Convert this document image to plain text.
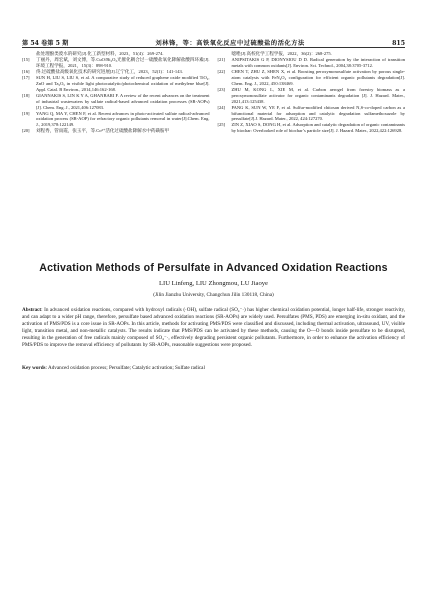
第 54 卷第 5 期	刘林锋，等：高铁氧化反应中过硫酸盐的活化方法	815
盐处理酚类废水的研究[J].化工新型材料，2023，51(4)：269-274.
[15]	丁丽丹，周宏斌，刘文博，等.CuO/Bi₂O₃光催化耦合过一硫酸盐氧化降解盐酸四环素[J].环境工程学报，2021，15(3)：898-910.
[16]	佟.过硫酸盐高级氧化技术的研究进展[J].辽宁化工，2023，52(1)：141-143.
[17]	SUN H, LIU S, LIU S, et al. A comparative study of reduced graphene oxide modified TiO₂, ZnO and Ta₂O₅ in visible light photocatalytic/photochemical oxidation of methylene blue[J]. Appl. Catal. B Environ., 2014,146:162-168.
[18]	GIANNAKIS S, LIN K Y A, GHANBARI F. A review of the recent advances on the treatment of industrial wastewaters by sulfate radical-based advanced oxidation processes (SR-AOPs) [J]. Chem. Eng. J., 2021,406:127083.
[19]	YANG Q, MA Y, CHEN F, et al. Recent advances in photo-activated sulfate radical-advanced oxidation process (SR-AOP) for refractory organic pollutants removal in water[J].Chem. Eng. J., 2019,378:122149.
[20]	刘程秀，管雨霞，张玉平，等.Co²⁺活化过硫酸盐降解水中药磺胺甲
噁唑[J].高校化学工程学报，2022，36(2)：268-275.
[21]	ANIPSITAKIS G P, DIONYSIOU D D. Radical generation by the interaction of transition metals with common oxidants[J]. Environ. Sci. Technol., 2004,38:3705-3712.
[22]	CHEN T, ZHU Z, SHEN X, et al. Boosting peroxymonosulfate activation by porous single-atom catalysts with FeN₄O₂ configuration for efficient organic pollutants degradation[J]. Chem. Eng. J., 2022, 450:138469.
[23]	ZHU M, KONG L, XIE M, et al. Carbon aerogel from forestry biomass as a peroxymonosulfate activator for organic contaminants degradation [J]. J. Hazard. Mater., 2021,413:125438.
[24]	PANG K, SUN W, YE F, et al. Sulfur-modified chitosan derived N,S-co-doped carbon as a bifunctional material for adsorption and catalytic degradation sulfamethoxazole by persulfate[J].J. Hazard. Mater., 2022, 424:127270.
[25]	ZIN Z, XIAO S, DONG H, et al. Adsorption and catalytic degradation of organic contaminants by biochar: Overlooked role of biochar’s particle size[J]. J. Hazard. Mater., 2022,422:126928.
Activation Methods of Persulfate in Advanced Oxidation Reactions
LIU Linfeng, LIU Zhongmou, LU Jiaoye
(Jilin Jianzhu University, Changchun Jilin 130118, China)
Abstract: In advanced oxidation reactions, compared with hydroxyl radicals (·OH), sulfate radical (SO₄⁻·) has higher chemical oxidation potential, longer half-life, stronger reactivity, and can adapt to a wider pH range, therefore, persulfate based advanced oxidation reactions (SR-AOPs) are widely used. Persulfates (PMS, PDS) are emerging in-situ oxidant, and the activation of PMS/PDS is a core issue in SR-AOPs. In this article, methods for activating PMS/PDS were classified and discussed, including thermal activation, ultrasound, UV, visible light, transition metal, and non-metallic catalysts. The results indicate that PMS/PDS can be activated by these methods, causing the O—O bonds inside persulfate to be disrupted, resulting in the generation of free radicals mainly composed of SO₄⁻·, effectively degrading persistent organic pollutants. Furthermore, in order to enhance the activation efficiency of PMS/PDS to improve the removal efficiency of pollutants by SR-AOPs, reasonable suggestions were proposed.
Key words: Advanced oxidation process; Persulfate; Catalytic activation; Sulfate radical
